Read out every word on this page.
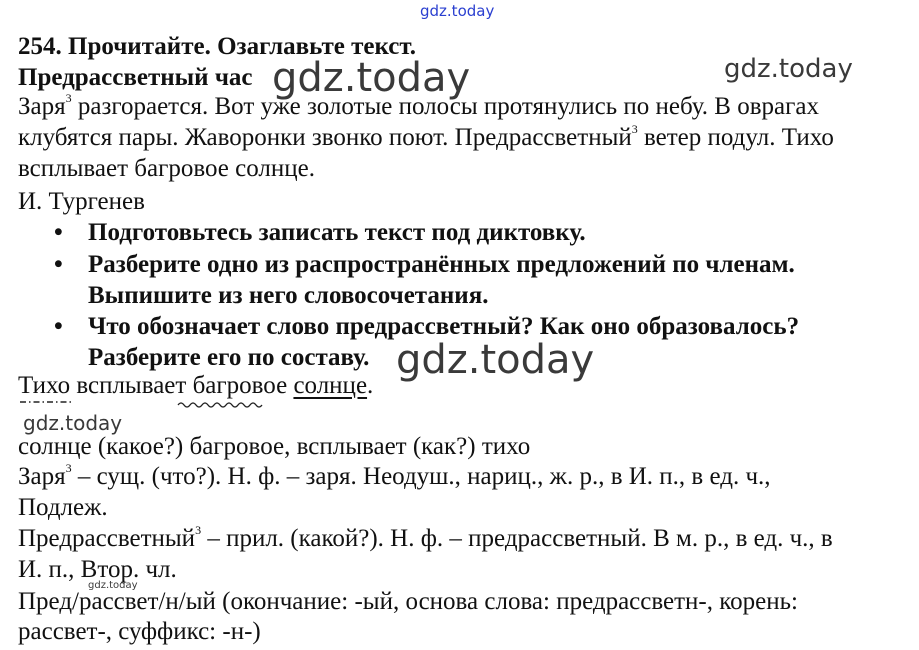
gdz.today
gdz.today	gdz.today
gdz.today
gdz.today
gdz.today
254. Прочитайте. Озаглавьте текст.
Предрассветный час
Заря$^3$ разгорается. Вот уже золотые полосы протянулись по небу. В оврагах
клубятся пары. Жаворонки звонко поют. Предрассветный$^3$ ветер подул. Тихо
всплывает багровое солнце.
И. Тургенев
• Подготовьтесь записать текст под диктовку.
• Разберите одно из распространённых предложений по членам.
Выпишите из него словосочетания.
• Что обозначает слово предрассветный? Как оно образовалось?
Разберите его по составу.
Тихо всплывает багровое солнце.
солнце (какое?) багровое, всплывает (как?) тихо
Заря$^3$ – сущ. (что?). Н. ф. – заря. Неодуш., нариц., ж. р., в И. п., в ед. ч.,
Подлеж.
Предрассветный$^3$ – прил. (какой?). Н. ф. – предрассветный. В м. р., в ед. ч., в
И. п., Втор. чл.
Пред/рассвет/н/ый (окончание: -ый, основа слова: предрассветн-, корень:
рассвет-, суффикс: -н-)
